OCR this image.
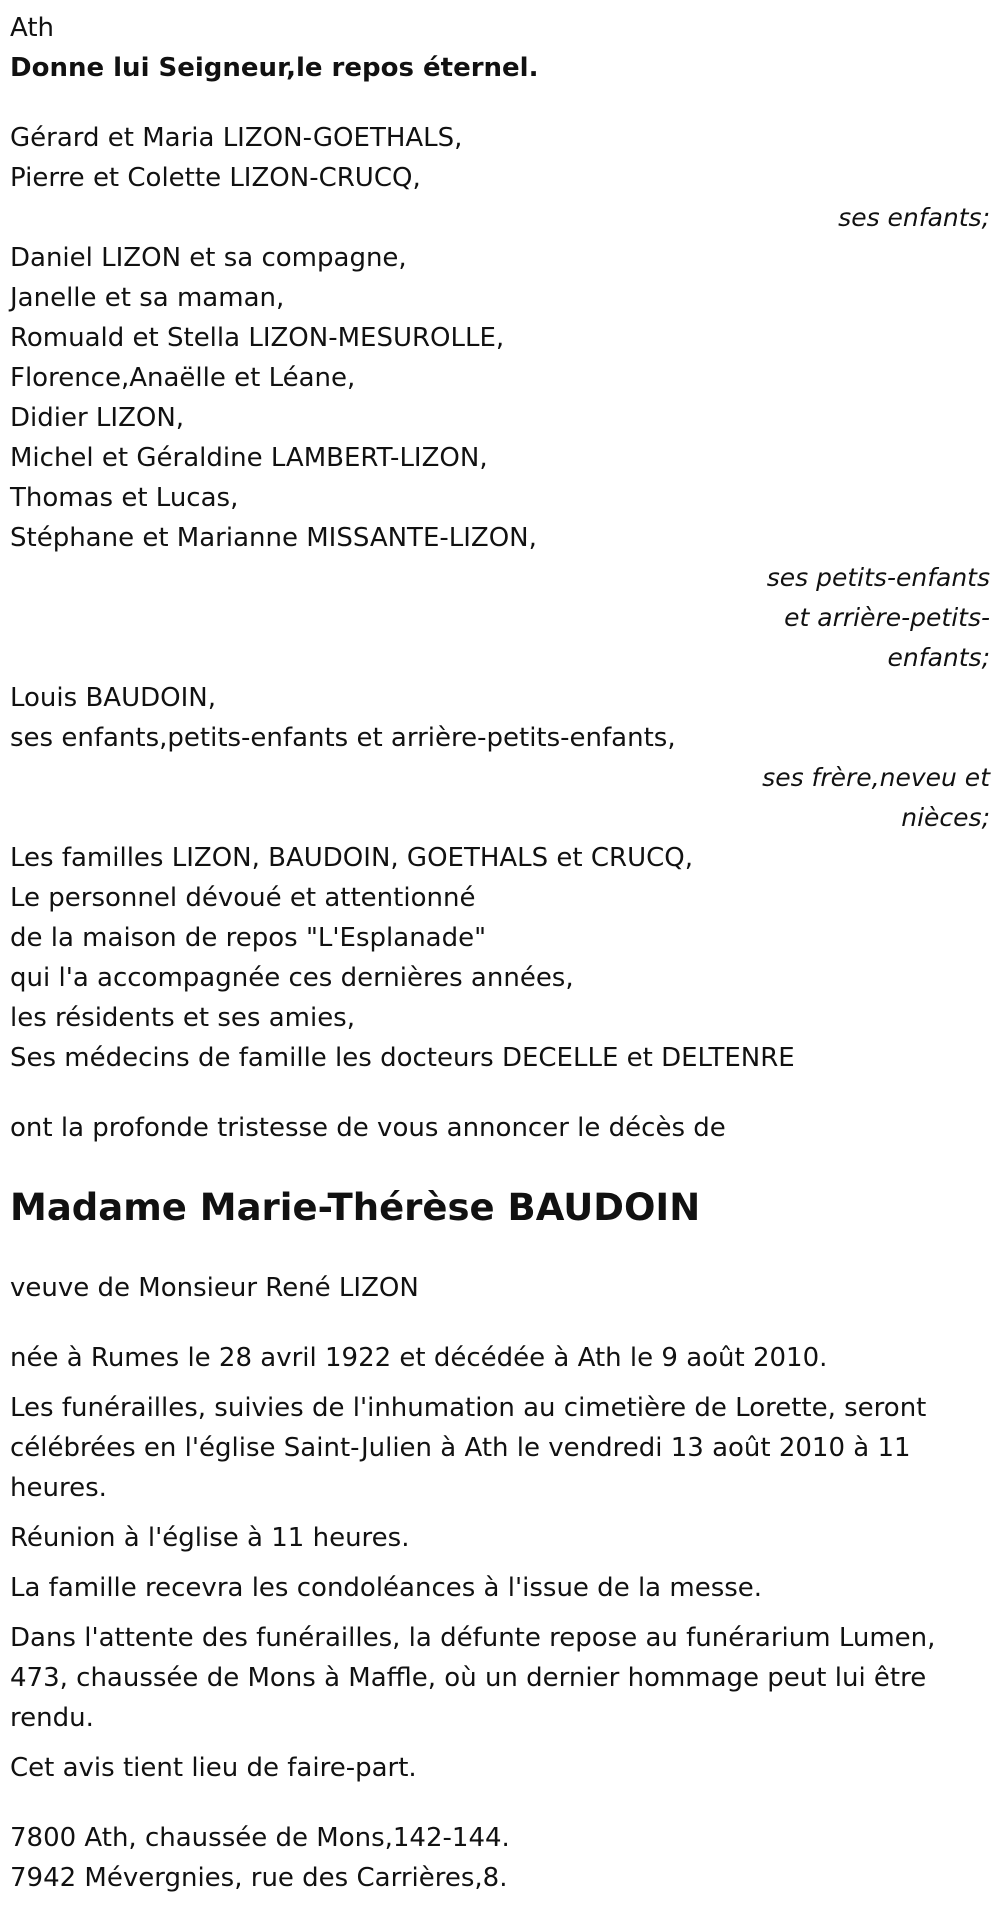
Ath
Donne lui Seigneur,le repos éternel.
Gérard et Maria LIZON-GOETHALS,
Pierre et Colette LIZON-CRUCQ,
ses enfants;
Daniel LIZON et sa compagne,
Janelle et sa maman,
Romuald et Stella LIZON-MESUROLLE,
Florence,Anaëlle et Léane,
Didier LIZON,
Michel et Géraldine LAMBERT-LIZON,
Thomas et Lucas,
Stéphane et Marianne MISSANTE-LIZON,
ses petits-enfants
et arrière-petits-
enfants;
Louis BAUDOIN,
ses enfants,petits-enfants et arrière-petits-enfants,
ses frère,neveu et
nièces;
Les familles LIZON, BAUDOIN, GOETHALS et CRUCQ,
Le personnel dévoué et attentionné
de la maison de repos "L'Esplanade"
qui l'a accompagnée ces dernières années,
les résidents et ses amies,
Ses médecins de famille les docteurs DECELLE et DELTENRE
ont la profonde tristesse de vous annoncer le décès de
Madame Marie-Thérèse BAUDOIN
veuve de Monsieur René LIZON
née à Rumes le 28 avril 1922 et décédée à Ath le 9 août 2010.
Les funérailles, suivies de l'inhumation au cimetière de Lorette, seront célébrées en l'église Saint-Julien à Ath le vendredi 13 août 2010 à 11 heures.
Réunion à l'église à 11 heures.
La famille recevra les condoléances à l'issue de la messe.
Dans l'attente des funérailles, la défunte repose au funérarium Lumen, 473, chaussée de Mons à Maffle, où un dernier hommage peut lui être rendu.
Cet avis tient lieu de faire-part.
7800 Ath, chaussée de Mons,142-144.
7942 Mévergnies, rue des Carrières,8.
